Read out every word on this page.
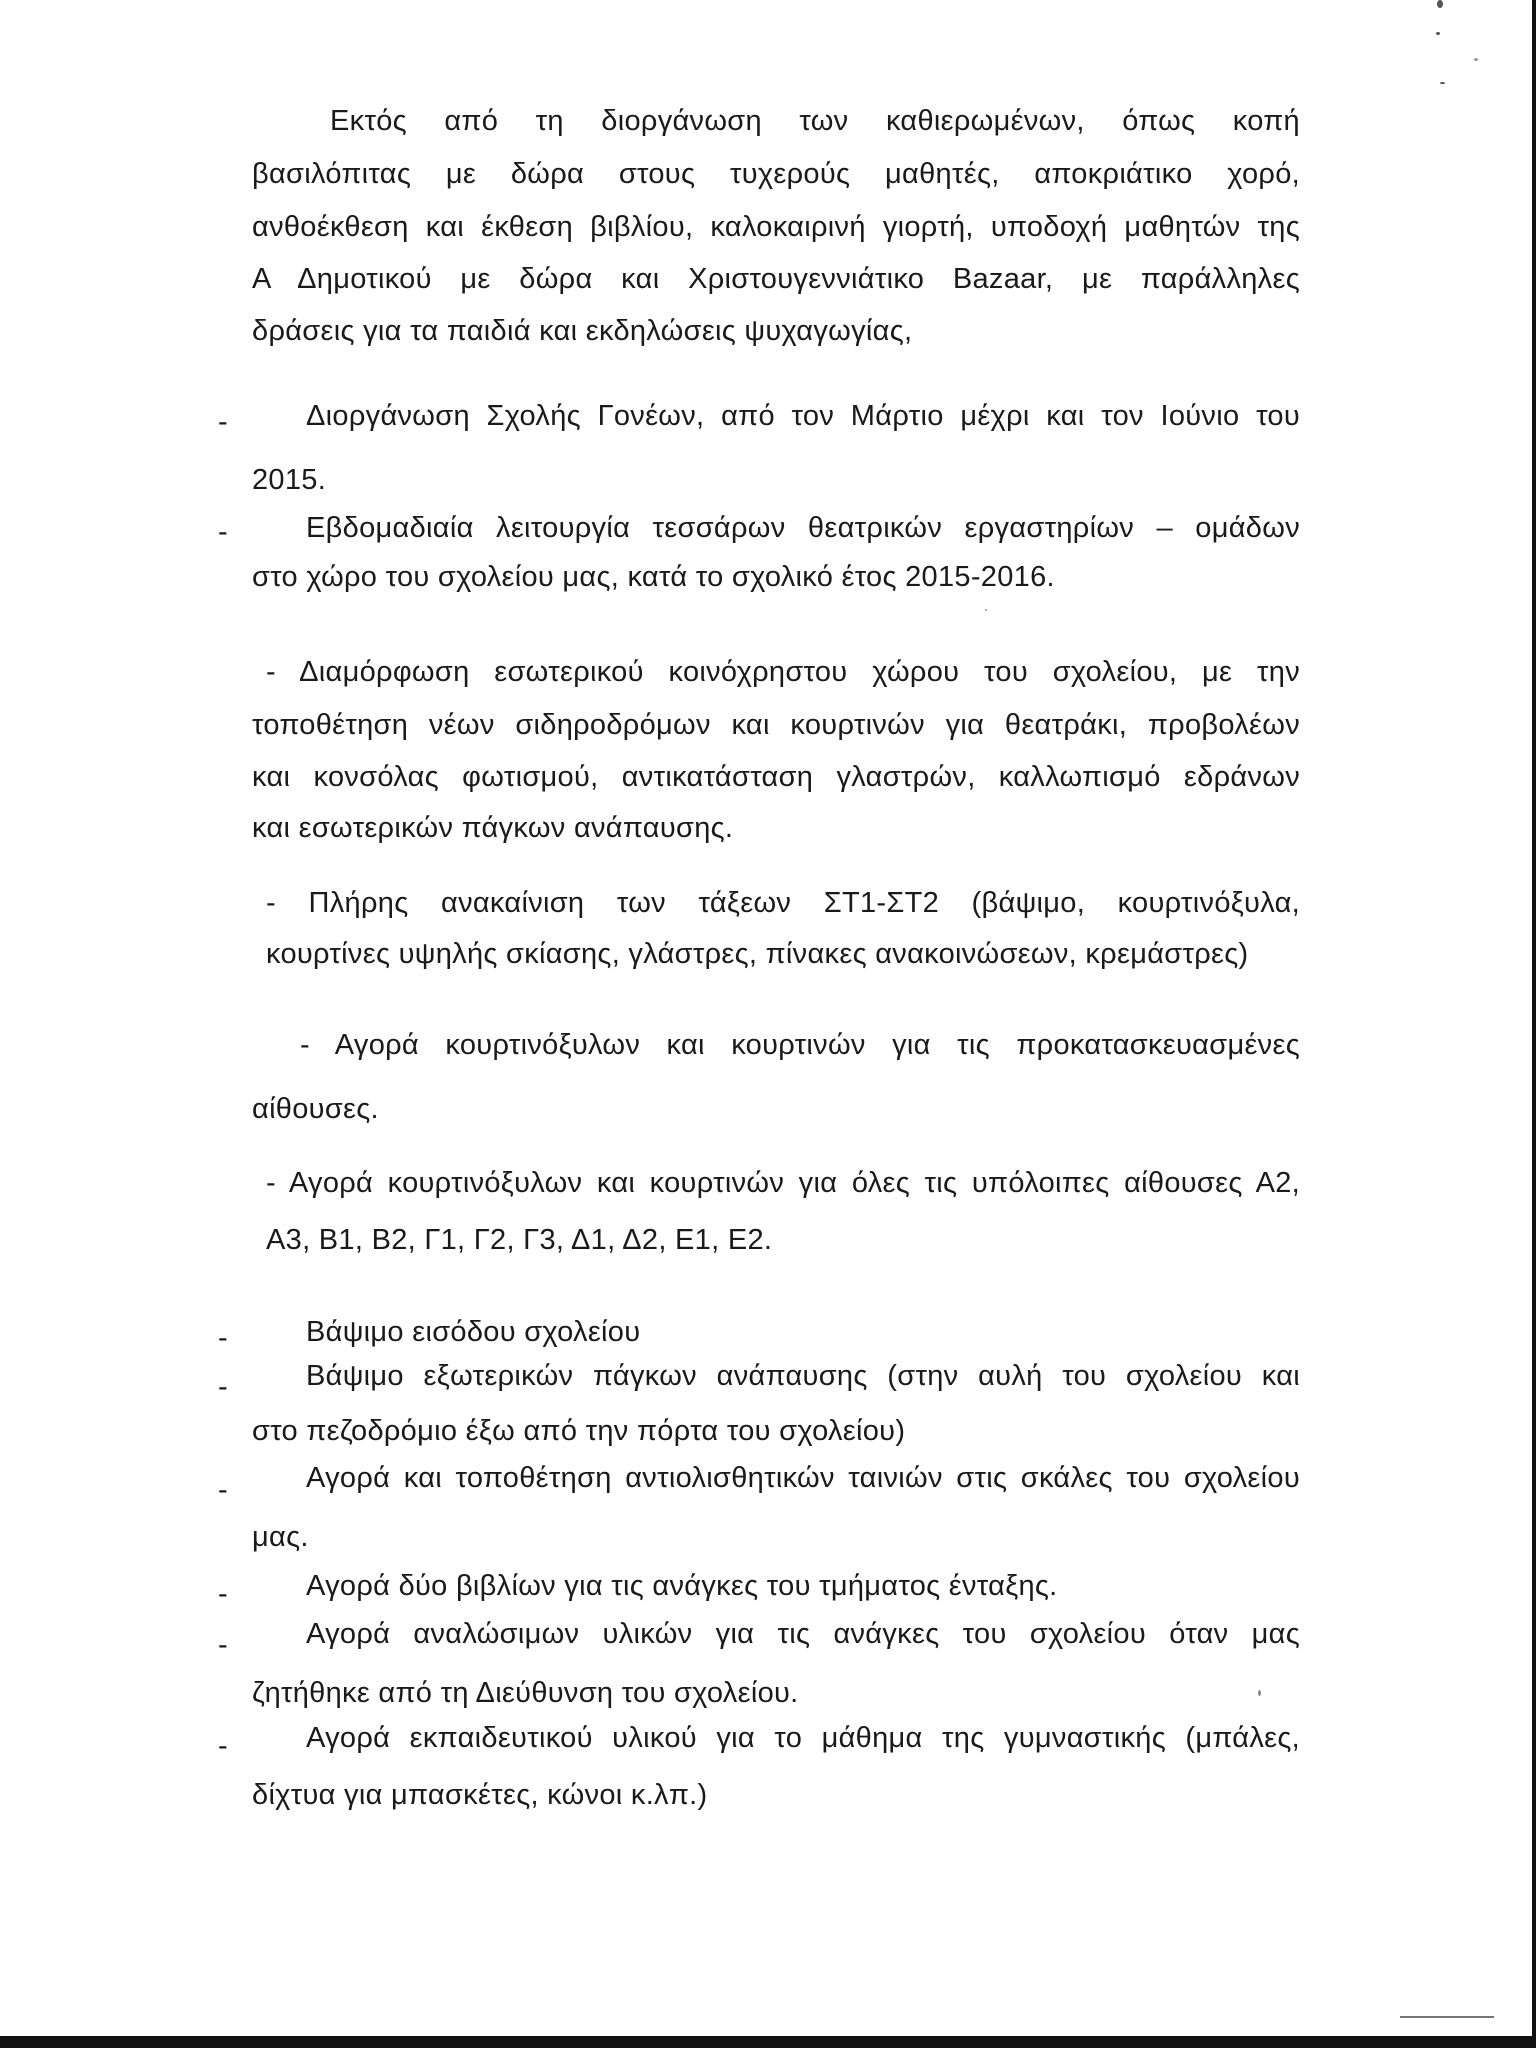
Εκτός από τη διοργάνωση των καθιερωμένων, όπως κοπή
βασιλόπιτας με δώρα στους τυχερούς μαθητές, αποκριάτικο χορό,
ανθοέκθεση και έκθεση βιβλίου, καλοκαιρινή γιορτή, υποδοχή μαθητών της
Α Δημοτικού με δώρα και Χριστουγεννιάτικο Bazaar, με παράλληλες
δράσεις για τα παιδιά και εκδηλώσεις ψυχαγωγίας,
-	Διοργάνωση Σχολής Γονέων, από τον Μάρτιο μέχρι και τον Ιούνιο του
2015.
-	Εβδομαδιαία λειτουργία τεσσάρων θεατρικών εργαστηρίων – ομάδων
στο χώρο του σχολείου μας, κατά το σχολικό έτος 2015-2016.
- Διαμόρφωση εσωτερικού κοινόχρηστου χώρου του σχολείου, με την
τοποθέτηση νέων σιδηροδρόμων και κουρτινών για θεατράκι, προβολέων
και κονσόλας φωτισμού, αντικατάσταση γλαστρών, καλλωπισμό εδράνων
και εσωτερικών πάγκων ανάπαυσης.
- Πλήρης ανακαίνιση των τάξεων ΣΤ1-ΣΤ2 (βάψιμο, κουρτινόξυλα,
κουρτίνες υψηλής σκίασης, γλάστρες, πίνακες ανακοινώσεων, κρεμάστρες)
- Αγορά κουρτινόξυλων και κουρτινών για τις προκατασκευασμένες
αίθουσες.
- Αγορά κουρτινόξυλων και κουρτινών για όλες τις υπόλοιπες αίθουσες Α2,
Α3, Β1, Β2, Γ1, Γ2, Γ3, Δ1, Δ2, Ε1, Ε2.
-	Βάψιμο εισόδου σχολείου
-	Βάψιμο εξωτερικών πάγκων ανάπαυσης (στην αυλή του σχολείου και
στο πεζοδρόμιο έξω από την πόρτα του σχολείου)
-	Αγορά και τοποθέτηση αντιολισθητικών ταινιών στις σκάλες του σχολείου
μας.
-	Αγορά δύο βιβλίων για τις ανάγκες του τμήματος ένταξης.
-	Αγορά αναλώσιμων υλικών για τις ανάγκες του σχολείου όταν μας
ζητήθηκε από τη Διεύθυνση του σχολείου.
-	Αγορά εκπαιδευτικού υλικού για το μάθημα της γυμναστικής (μπάλες,
δίχτυα για μπασκέτες, κώνοι κ.λπ.)
